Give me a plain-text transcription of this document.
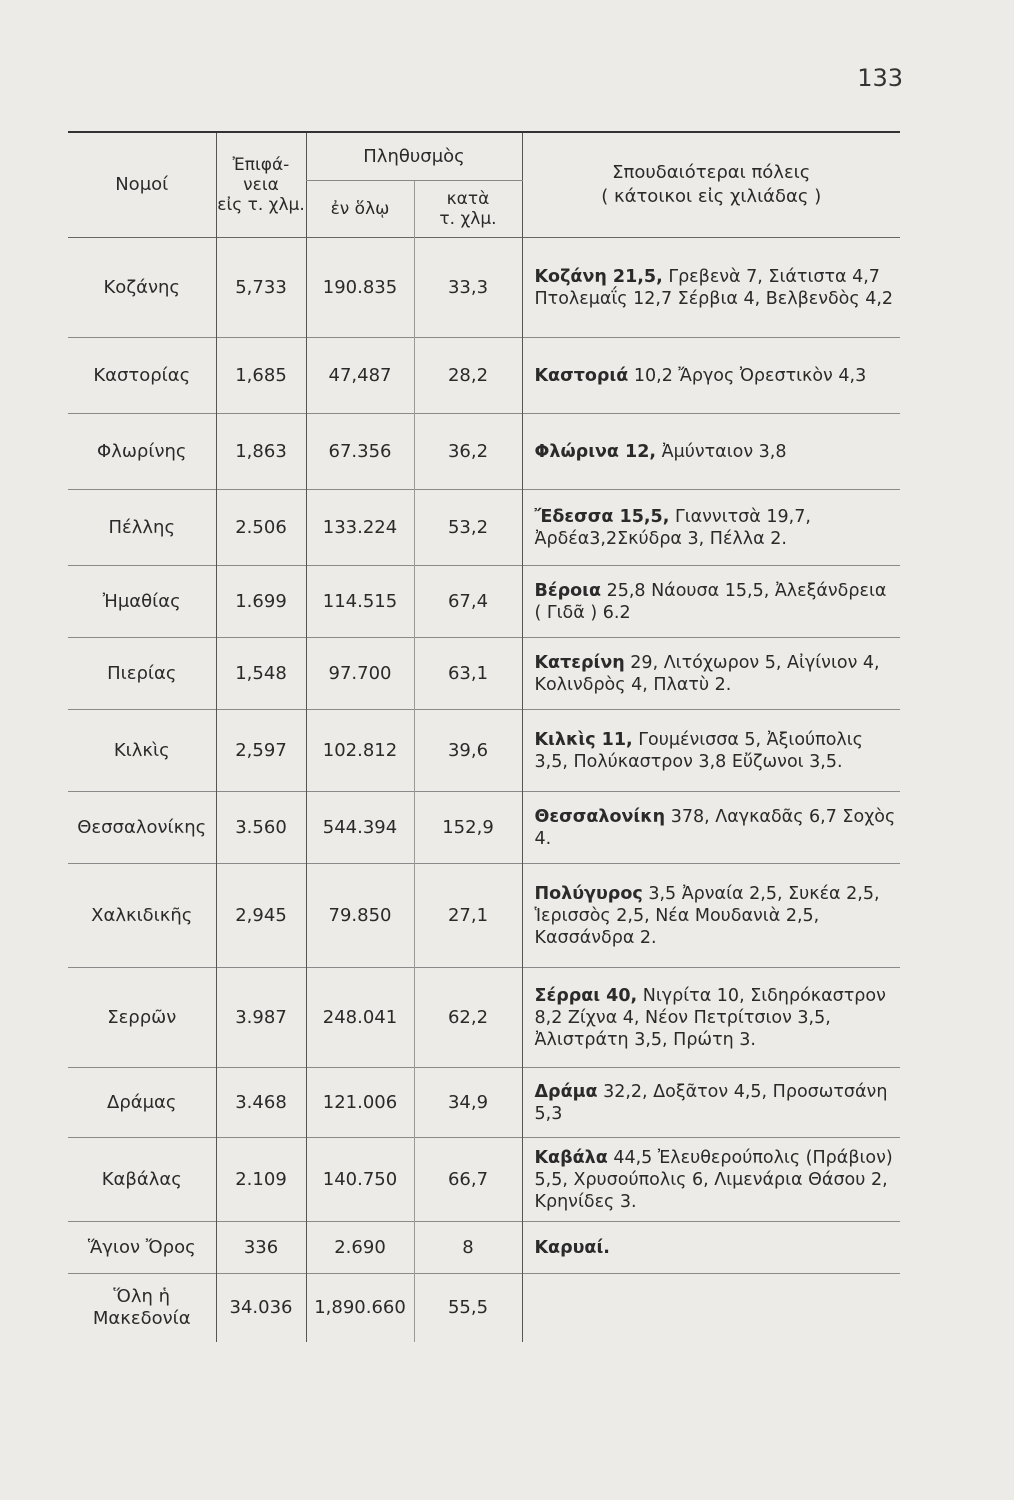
133
Νομοί	Ἐπιφά-
νεια
εἰς τ. χλμ.	Πληθυσμὸς		Σπουδαιότεραι πόλεις
( κάτοικοι εἰς χιλιάδας )
		ἐν ὅλῳ	κατὰ
τ. χλμ.	
Κοζάνης	5,733	190.835	33,3	Κοζάνη 21,5, Γρεβενὰ 7, Σιάτιστα 4,7 Πτολεμαΐς 12,7 Σέρβια 4, Βελβενδὸς 4,2
Καστορίας	1,685	47,487	28,2	Καστοριά 10,2 Ἄργος Ὀρεστικὸν 4,3
Φλωρίνης	1,863	67.356	36,2	Φλώρινα 12, Ἀμύνταιον 3,8
Πέλλης	2.506	133.224	53,2	Ἔδεσσα 15,5, Γιαννιτσὰ 19,7, Ἀρδέα3,2Σκύδρα 3, Πέλλα 2.
Ἠμαθίας	1.699	114.515	67,4	Βέροια 25,8 Νάουσα 15,5, Ἀλεξάνδρεια ( Γιδᾶ ) 6.2
Πιερίας	1,548	97.700	63,1	Κατερίνη 29, Λιτόχωρον 5, Αἰγίνιον 4, Κολινδρὸς 4, Πλατὺ 2.
Κιλκὶς	2,597	102.812	39,6	Κιλκὶς 11, Γουμένισσα 5, Ἀξιούπολις 3,5, Πολύκαστρον 3,8 Εὔζωνοι 3,5.
Θεσσαλονίκης	3.560	544.394	152,9	Θεσσαλονίκη 378, Λαγκαδᾶς 6,7 Σοχὸς 4.
Χαλκιδικῆς	2,945	79.850	27,1	Πολύγυρος 3,5 Ἀρναία 2,5, Συκέα 2,5, Ἱερισσὸς 2,5, Νέα Μουδανιὰ 2,5, Κασσάνδρα 2.
Σερρῶν	3.987	248.041	62,2	Σέρραι 40, Νιγρίτα 10, Σιδηρόκαστρον 8,2 Ζίχνα 4, Νέον Πετρίτσιον 3,5, Ἀλιστράτη 3,5, Πρώτη 3.
Δράμας	3.468	121.006	34,9	Δράμα 32,2, Δοξᾶτον 4,5, Προσωτσάνη 5,3
Καβάλας	2.109	140.750	66,7	Καβάλα 44,5 Ἐλευθερούπολις (Πράβιον) 5,5, Χρυσούπολις 6, Λιμενάρια Θάσου 2, Κρηνίδες 3.
Ἅγιον Ὄρος	336	2.690	8	Καρυαί.
Ὅλη ἡ Μακεδονία	34.036	1,890.660	55,5	
